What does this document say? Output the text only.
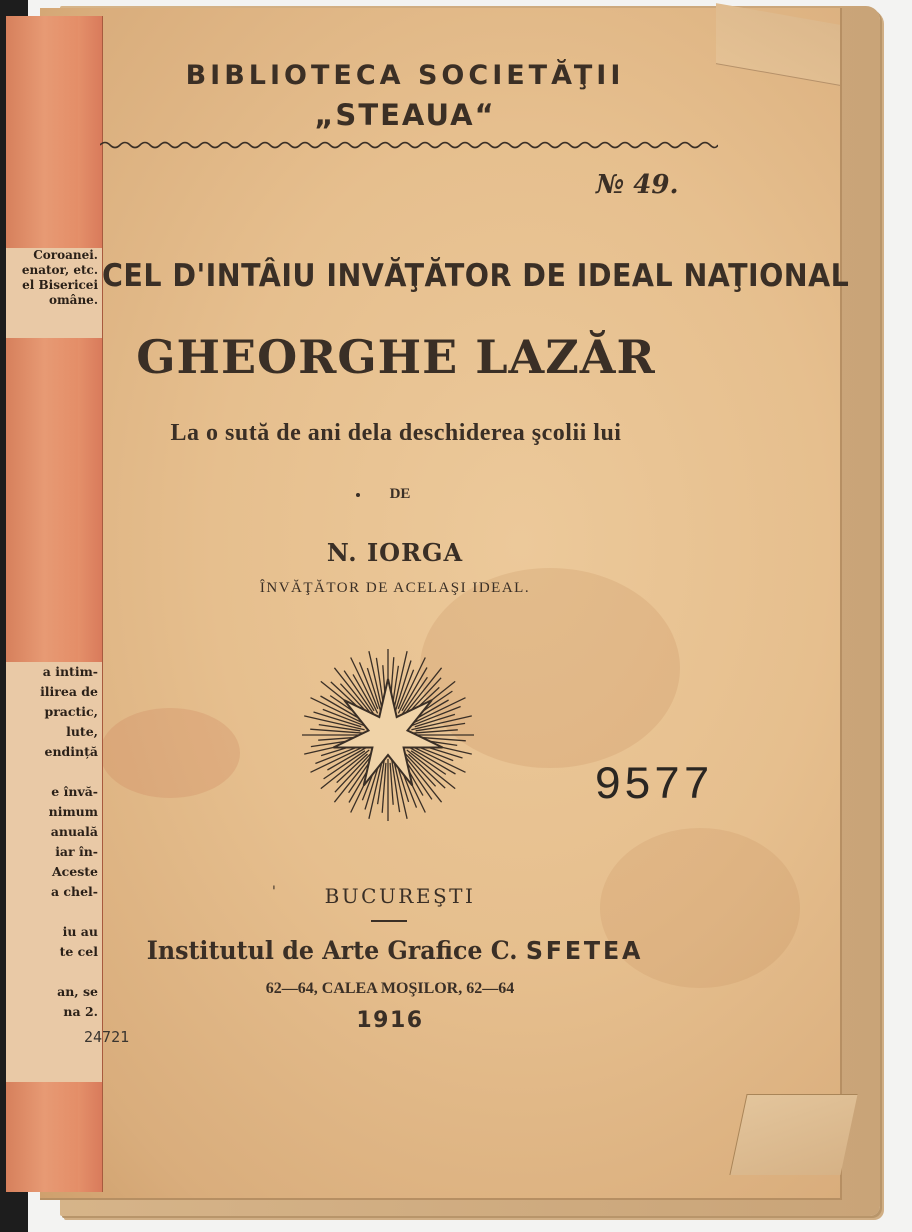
Coroanei.
enator, etc.
el Bisericei
omâne.
a intim-
ilirea de
practic,
lute,
endință
e învă-
nimum
anuală
iar în-
Aceste
a chel-
iu au
te cel
an, se
na 2.
BIBLIOTECA SOCIETĂŢII
„STEAUA“
№ 49.
CEL D'INTÂIU INVĂŢĂTOR DE IDEAL NAŢIONAL
GHEORGHE LAZĂR
La o sută de ani dela deschiderea şcolii lui
DE
N. IORGA
ÎNVĂŢĂTOR DE ACELAŞI IDEAL.
9577
'	BUCUREŞTI
Institutul de Arte Grafice C. SFETEA
62—64, CALEA MOŞILOR, 62—64
1916
24721
